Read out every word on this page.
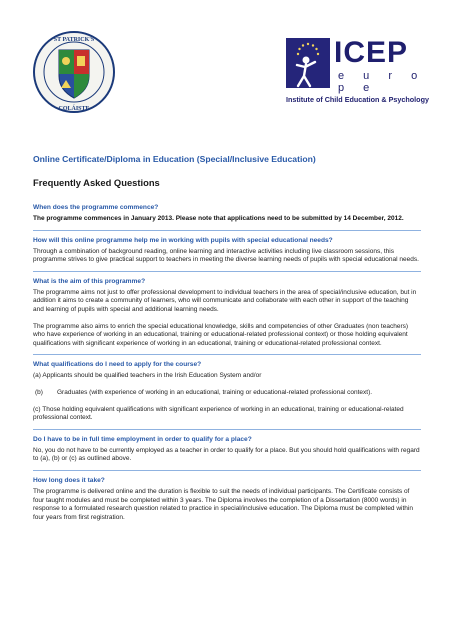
ST PATRICK'S
COLÁISTE
ICEP
e u r o p e
Institute of Child Education & Psychology
Online Certificate/Diploma in Education (Special/Inclusive Education)
Frequently Asked Questions
When does the programme commence?

The programme commences in January 2013. Please note that applications need to be submitted by 14 December, 2012.

How will this online programme help me in working with pupils with special educational needs?

Through a combination of background reading, online learning and interactive activities including live classroom sessions, this programme strives to give practical support to teachers in meeting the diverse learning needs of pupils with special educational needs.

What is the aim of this programme?

The programme aims not just to offer professional development to individual teachers in the area of special/inclusive education, but in addition it aims to create a community of learners, who will communicate and collaborate with each other in support of the teaching and learning of pupils with special and additional learning needs.

The programme also aims to enrich the special educational knowledge, skills and competencies of other Graduates (non teachers) who have experience of working in an educational, training or educational-related professional context) or those holding equivalent qualifications with significant experience of working in an educational, training or educational-related professional context.

What qualifications do I need to apply for the course?

(a) Applicants should be qualified teachers in the Irish Education System and/or

(b)	Graduates (with experience of working in an educational, training or educational-related professional context).

(c) Those holding equivalent qualifications with significant experience of working in an educational, training or educational-related professional context.

Do I have to be in full time employment in order to qualify for a place?

No, you do not have to be currently employed as a teacher in order to qualify for a place. But you should hold qualifications with regard to (a), (b) or (c) as outlined above.

How long does it take?

The programme is delivered online and the duration is flexible to suit the needs of individual participants. The Certificate consists of four taught modules and must be completed within 3 years. The Diploma involves the completion of a Dissertation (8000 words) in response to a formulated research question related to practice in special/inclusive education. The Diploma must be completed within four years from first registration.
